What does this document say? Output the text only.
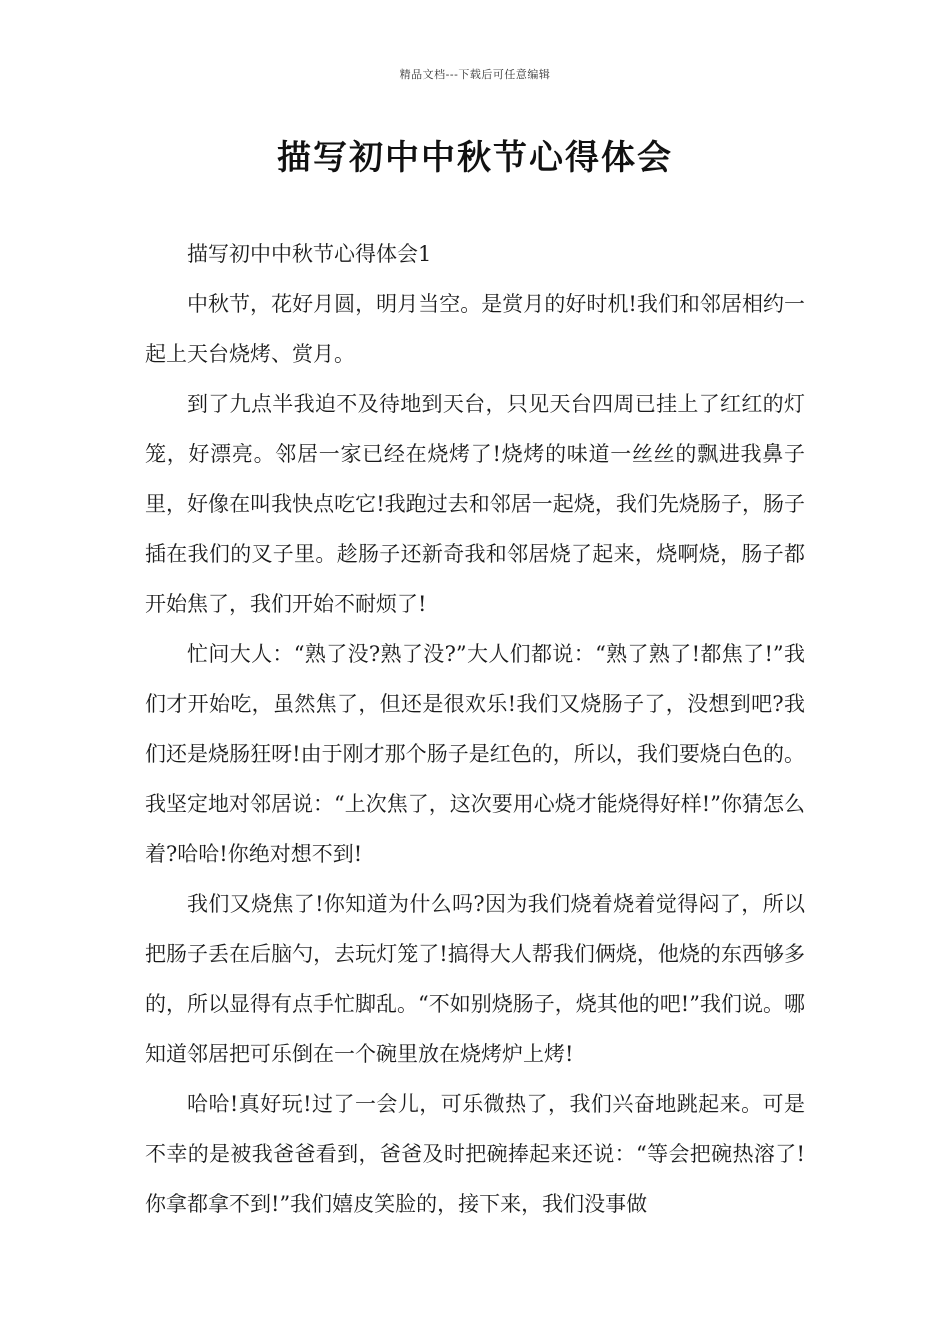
精品文档---下载后可任意编辑
描写初中中秋节心得体会

描写初中中秋节心得体会1

中秋节，花好月圆，明月当空。是赏月的好时机!我们和邻居相约一起上天台烧烤、赏月。

到了九点半我迫不及待地到天台，只见天台四周已挂上了红红的灯笼，好漂亮。邻居一家已经在烧烤了!烧烤的味道一丝丝的飘进我鼻子里，好像在叫我快点吃它!我跑过去和邻居一起烧，我们先烧肠子，肠子插在我们的叉子里。趁肠子还新奇我和邻居烧了起来，烧啊烧，肠子都开始焦了，我们开始不耐烦了!

忙问大人：“熟了没?熟了没?”大人们都说：“熟了熟了!都焦了!”我们才开始吃，虽然焦了，但还是很欢乐!我们又烧肠子了，没想到吧?我们还是烧肠狂呀!由于刚才那个肠子是红色的，所以，我们要烧白色的。我坚定地对邻居说：“上次焦了，这次要用心烧才能烧得好样!”你猜怎么着?哈哈!你绝对想不到!

我们又烧焦了!你知道为什么吗?因为我们烧着烧着觉得闷了，所以把肠子丢在后脑勺，去玩灯笼了!搞得大人帮我们俩烧，他烧的东西够多的，所以显得有点手忙脚乱。“不如别烧肠子，烧其他的吧!”我们说。哪知道邻居把可乐倒在一个碗里放在烧烤炉上烤!

哈哈!真好玩!过了一会儿，可乐微热了，我们兴奋地跳起来。可是不幸的是被我爸爸看到，爸爸及时把碗捧起来还说：“等会把碗热溶了!你拿都拿不到!”我们嬉皮笑脸的，接下来，我们没事做
